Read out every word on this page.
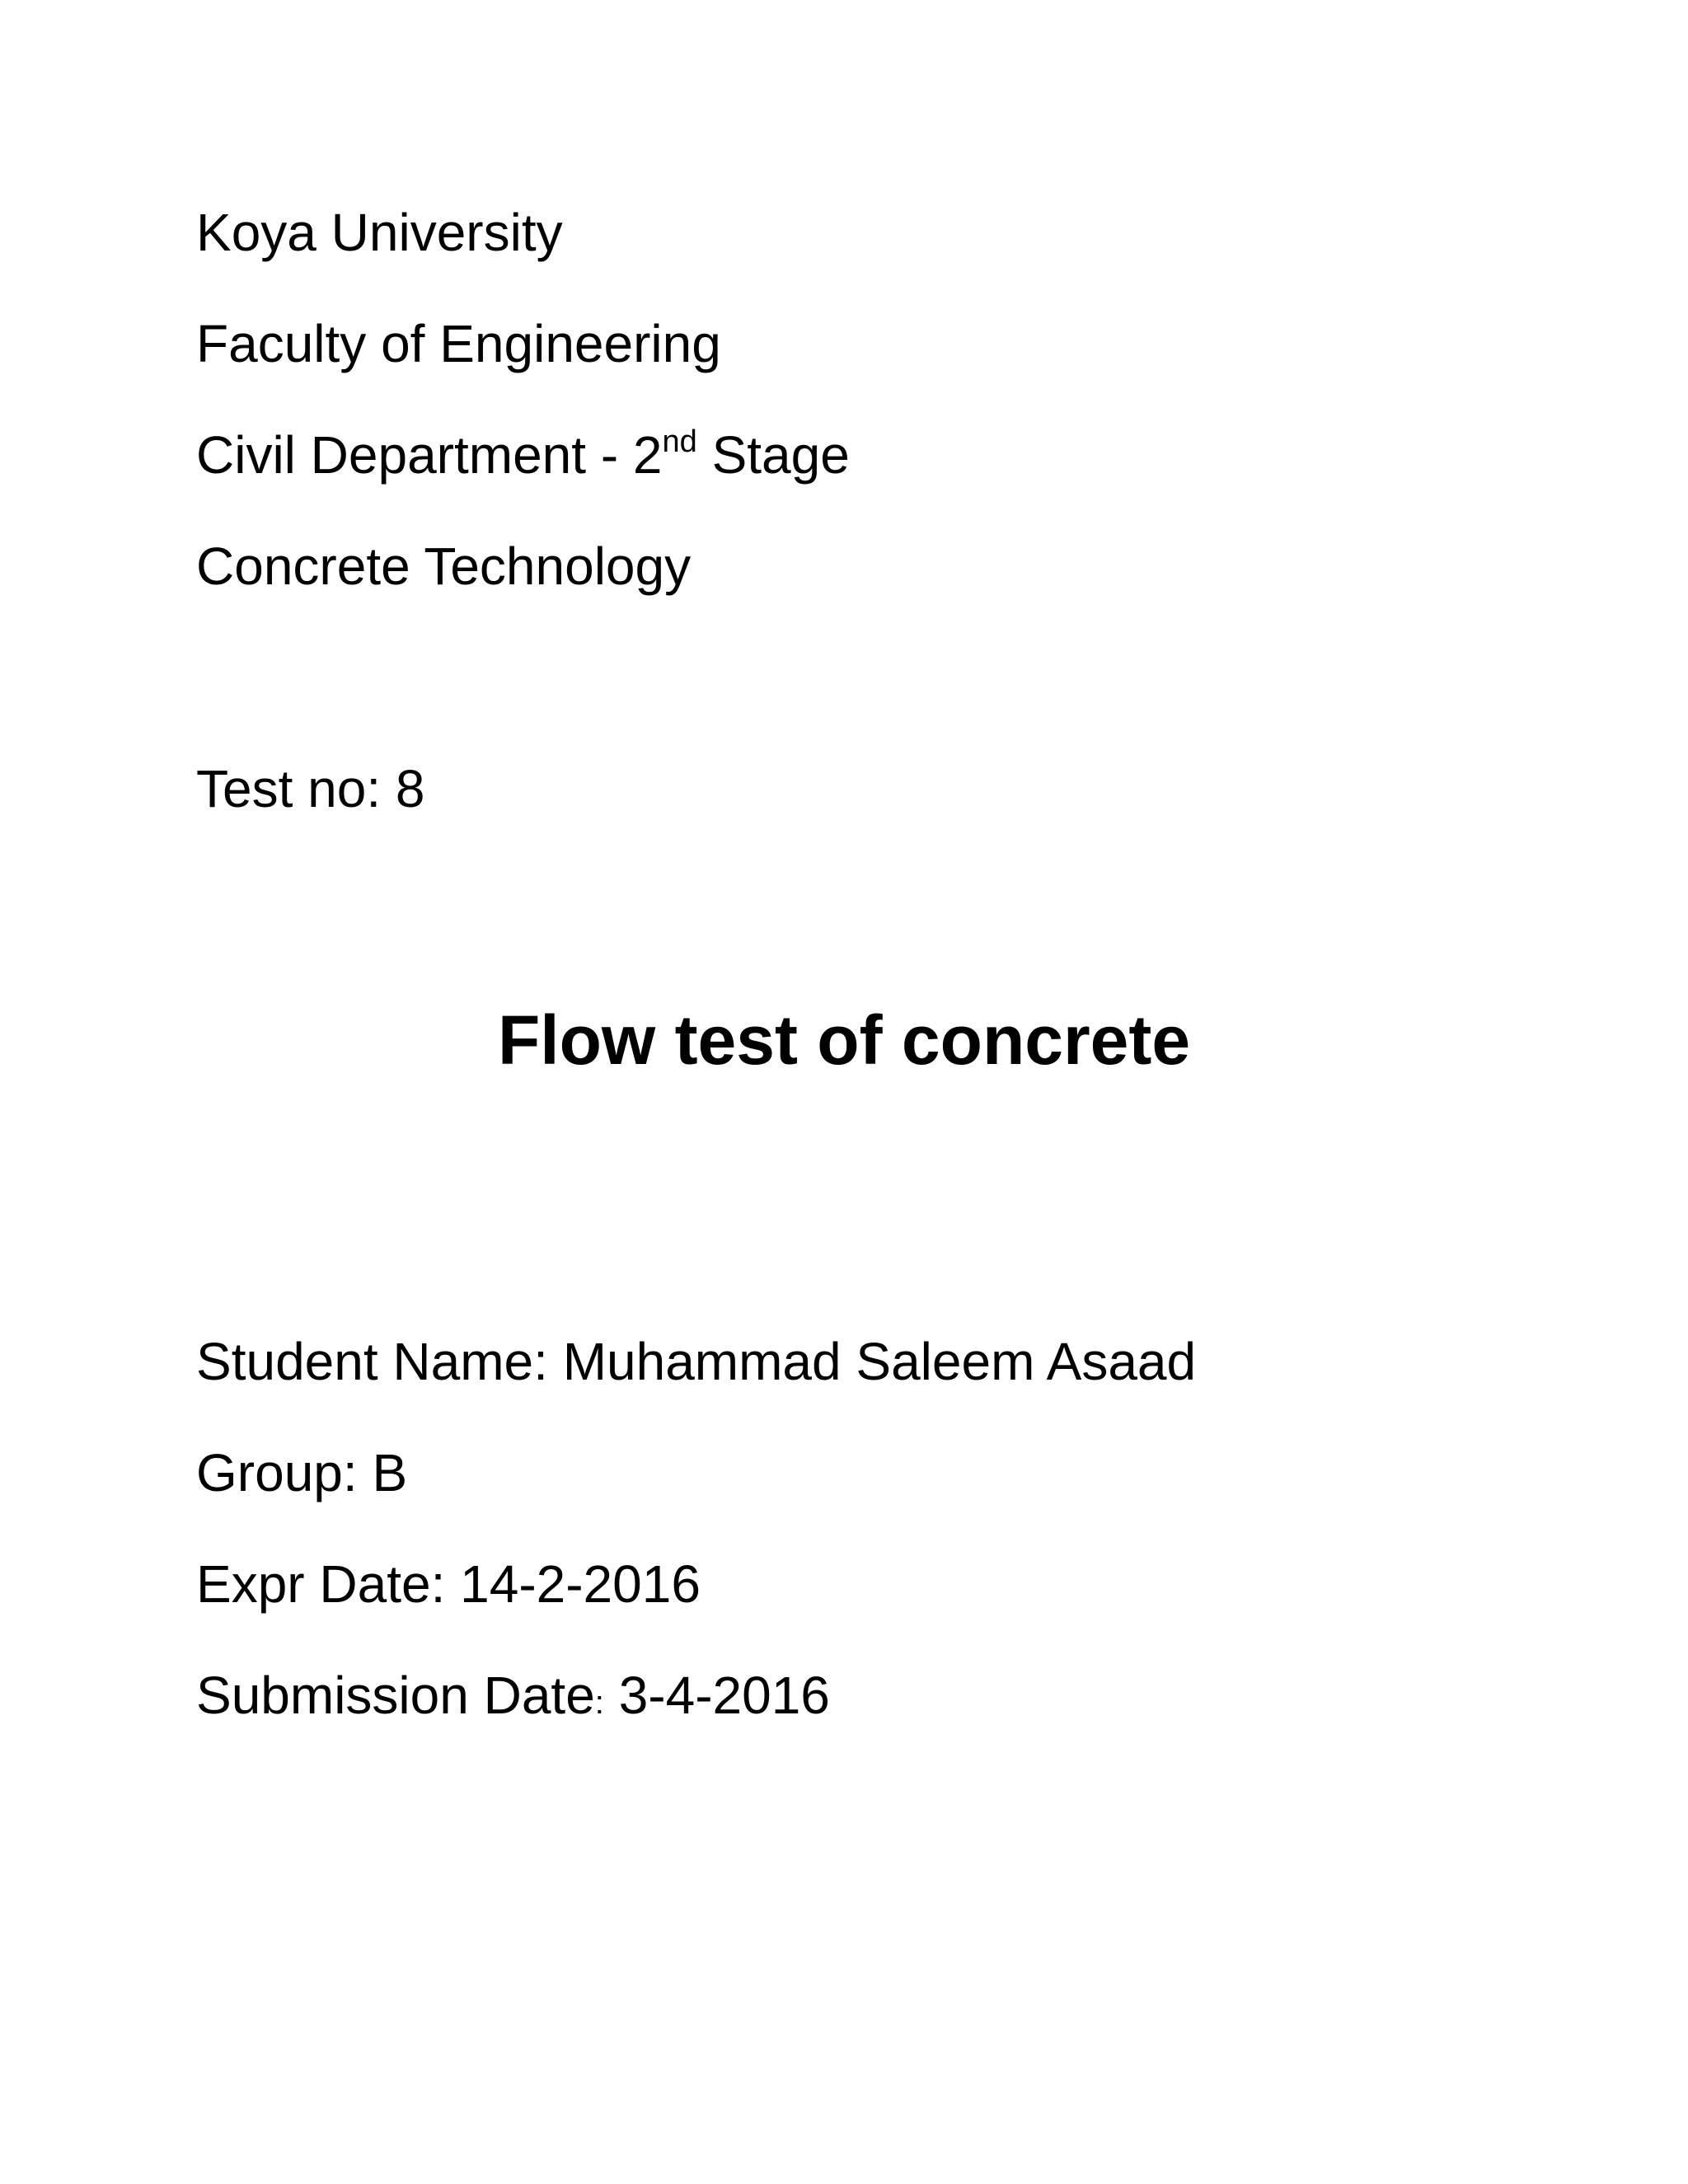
Koya University
Faculty of Engineering
Civil Department - 2nd Stage
Concrete Technology
Test no: 8
Flow test of concrete
Student Name: Muhammad Saleem Asaad
Group: B
Expr Date: 14-2-2016
Submission Date: 3-4-2016
